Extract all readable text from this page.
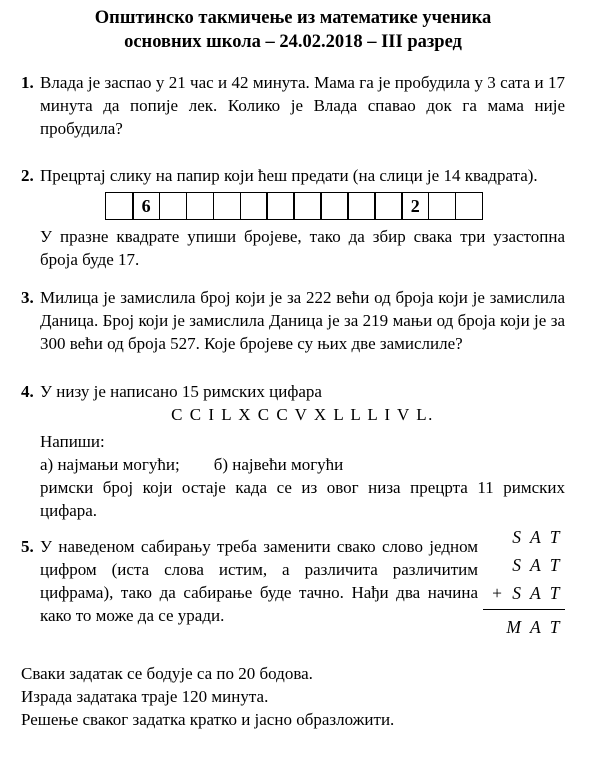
Општинско такмичење из математике ученика
основних школа – 24.02.2018 – III разред
1. Влада је заспао у 21 час и 42 минута. Мама га је пробудила у 3 сата и 17 минута да попије лек. Колико је Влада спавао док га мама није пробудила?
2. Прецртај слику на папир који ћеш предати (на слици је 14 квадрата).
6	2
У празне квадрате упиши бројеве, тако да збир свака три узастопна броја буде 17.
3. Милица је замислила број који је за 222 већи од броја који је замислила Даница. Број који је замислила Даница је за 219 мањи од броја који је за 300 већи од броја 527. Које бројеве су њих две замислиле?
4. У низу је написано 15 римских цифара
C C I L X C C V X L L L I V L.
Напиши:
а) најмањи могући; б) највећи могући
римски број који остаје када се из овог низа прецрта 11 римских цифара.
5. У наведеном сабирању треба заменити свако слово једном цифром (иста слова истим, а различита различитим цифрама), тако да сабирање буде тачно. Нађи два начина како то може да се уради.
S A T
S A T
+ S A T
M A T
Сваки задатак се бодује са по 20 бодова.
Израда задатака траје 120 минута.
Решење сваког задатка кратко и јасно образложити.
